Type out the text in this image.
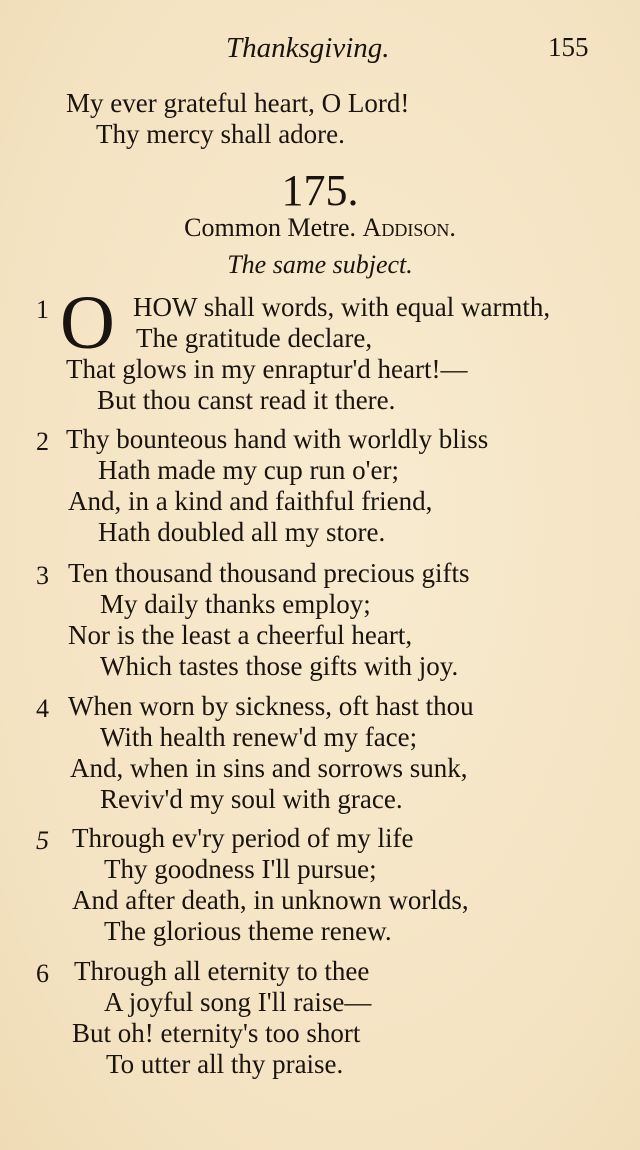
Thanksgiving.	155
My ever grateful heart, O Lord!
Thy mercy shall adore.
175.
Common Metre. Addison.
The same subject.
1 O HOW shall words, with equal warmth,
The gratitude declare,
That glows in my enraptur'd heart!—
But thou canst read it there.
2 Thy bounteous hand with worldly bliss
Hath made my cup run o'er;
And, in a kind and faithful friend,
Hath doubled all my store.
3 Ten thousand thousand precious gifts
My daily thanks employ;
Nor is the least a cheerful heart,
Which tastes those gifts with joy.
4 When worn by sickness, oft hast thou
With health renew'd my face;
And, when in sins and sorrows sunk,
Reviv'd my soul with grace.
5 Through ev'ry period of my life
Thy goodness I'll pursue;
And after death, in unknown worlds,
The glorious theme renew.
6 Through all eternity to thee
A joyful song I'll raise—
But oh! eternity's too short
To utter all thy praise.
